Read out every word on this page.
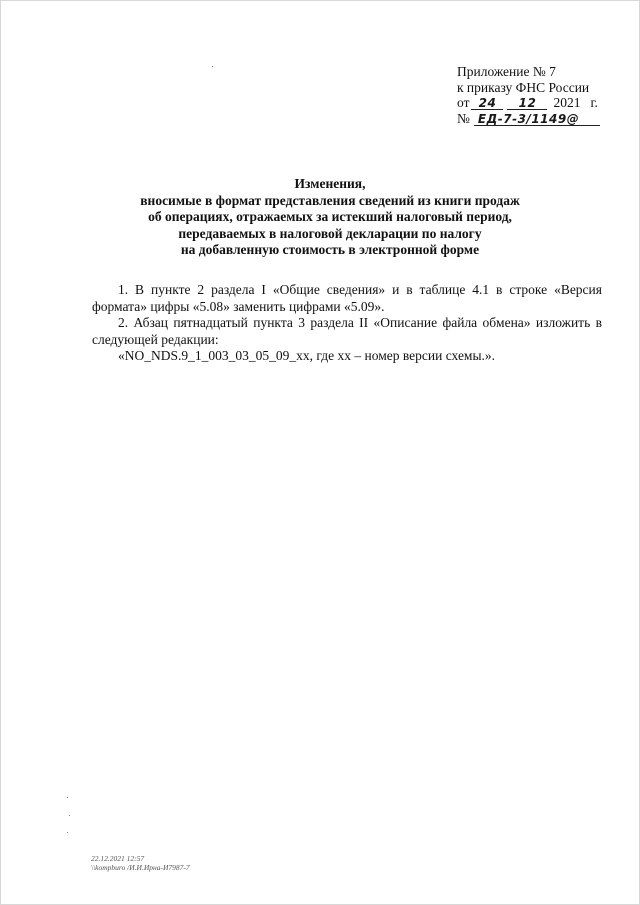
Приложение № 7
к приказу ФНС России
от 24 12 2021 г.
№ ЕД-7-3/1149@
Изменения,
вносимые в формат представления сведений из книги продаж
об операциях, отражаемых за истекший налоговый период,
передаваемых в налоговой декларации по налогу
на добавленную стоимость в электронной форме

1. В пункте 2 раздела I «Общие сведения» и в таблице 4.1 в строке «Версия формата» цифры «5.08» заменить цифрами «5.09».

2. Абзац пятнадцатый пункта 3 раздела II «Описание файла обмена» изложить в следующей редакции:

«NO_NDS.9_1_003_03_05_09_xx, где xx – номер версии схемы.».

22.12.2021 12:57
\\kompburo /И.И.Ирна-И7987-7
